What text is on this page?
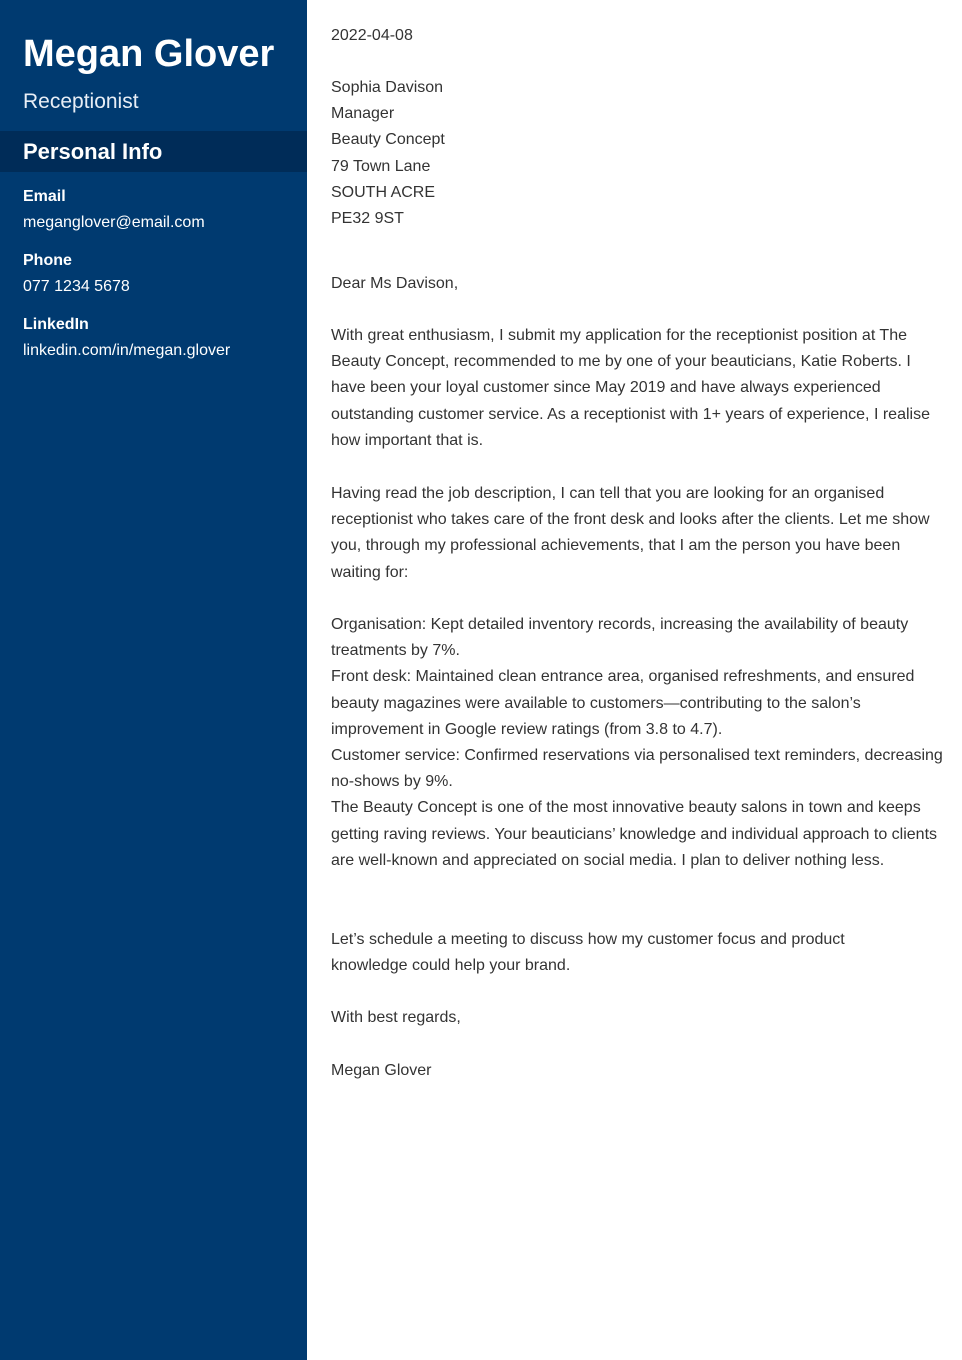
Megan Glover
Receptionist
Personal Info
Email
meganglover@email.com
Phone
077 1234 5678
LinkedIn
linkedin.com/in/megan.glover
2022-04-08
Sophia Davison
Manager
Beauty Concept
79 Town Lane
SOUTH ACRE
PE32 9ST
Dear Ms Davison,
With great enthusiasm, I submit my application for the receptionist position at The Beauty Concept, recommended to me by one of your beauticians, Katie Roberts. I have been your loyal customer since May 2019 and have always experienced outstanding customer service. As a receptionist with 1+ years of experience, I realise how important that is.
Having read the job description, I can tell that you are looking for an organised receptionist who takes care of the front desk and looks after the clients. Let me show you, through my professional achievements, that I am the person you have been waiting for:
Organisation: Kept detailed inventory records, increasing the availability of beauty treatments by 7%.
Front desk: Maintained clean entrance area, organised refreshments, and ensured beauty magazines were available to customers—contributing to the salon’s improvement in Google review ratings (from 3.8 to 4.7).
Customer service: Confirmed reservations via personalised text reminders, decreasing no-shows by 9%.
The Beauty Concept is one of the most innovative beauty salons in town and keeps getting raving reviews. Your beauticians’ knowledge and individual approach to clients are well-known and appreciated on social media. I plan to deliver nothing less.
Let’s schedule a meeting to discuss how my customer focus and product knowledge could help your brand.
With best regards,
Megan Glover
